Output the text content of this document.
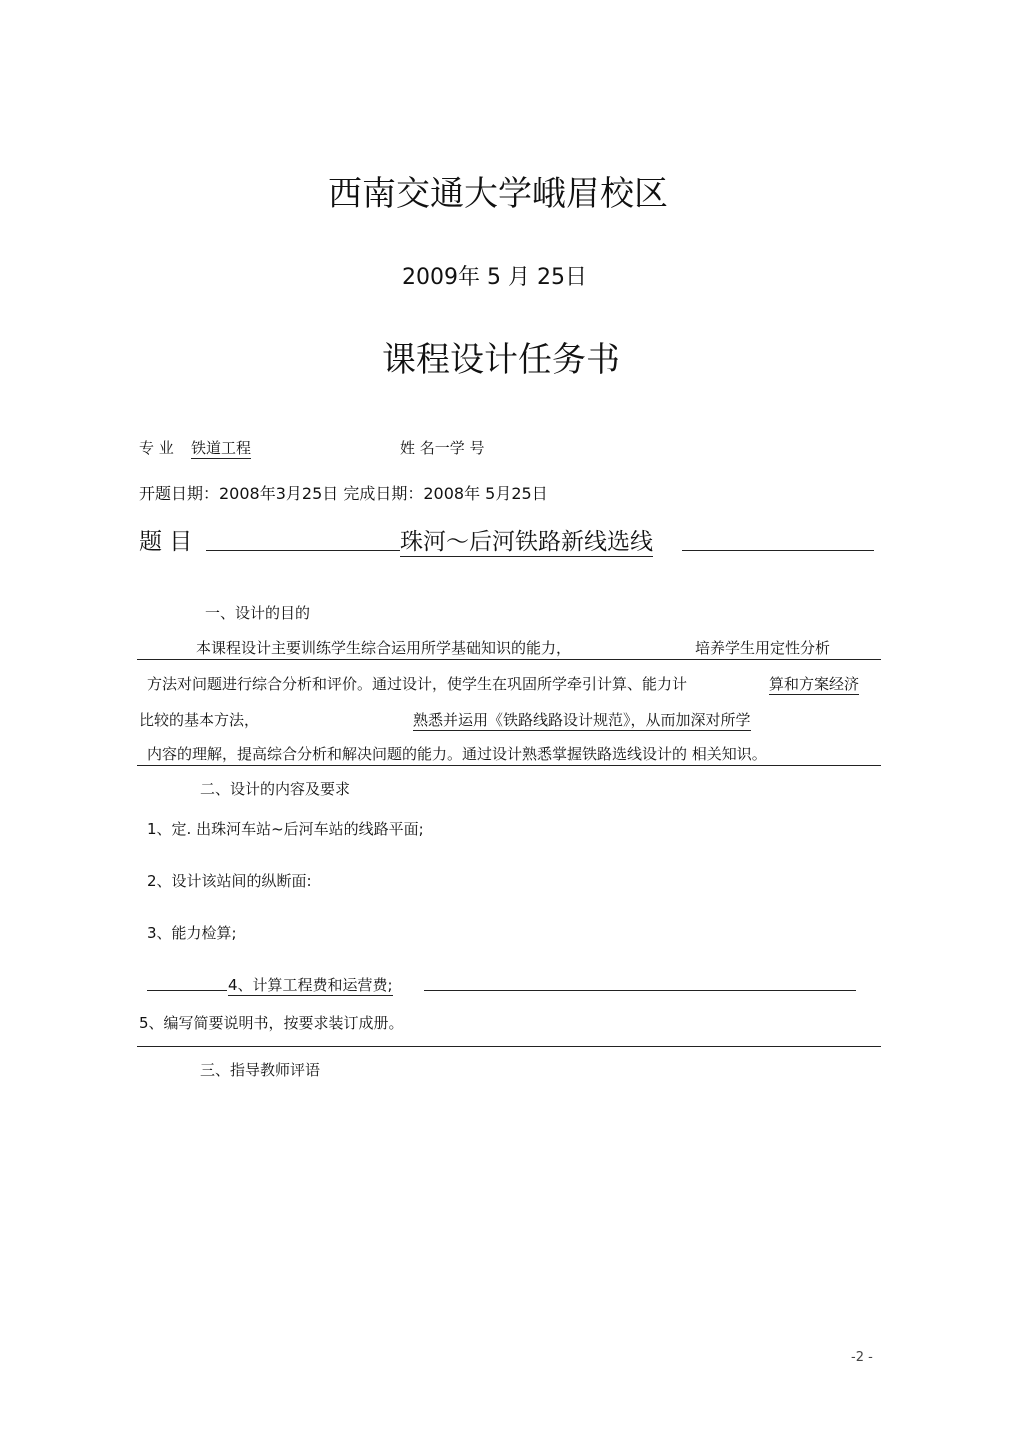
西南交通大学峨眉校区
2009年 5 月 25日
课程设计任务书
专 业 铁道工程	姓 名一学 号
开题日期：2008年3月25日 完成日期：2008年 5月25日
题 目	珠河～后河铁路新线选线
一、设计的目的
本课程设计主要训练学生综合运用所学基础知识的能力，	培养学生用定性分析
方法对问题进行综合分析和评价。通过设计，使学生在巩固所学牵引计算、能力计	算和方案经济
比较的基本方法，	熟悉并运用《铁路线路设计规范》，从而加深对所学
内容的理解，提高综合分析和解决问题的能力。通过设计熟悉掌握铁路选线设计的 相关知识。
二、设计的内容及要求
1、定. 出珠河车站~后河车站的线路平面;
2、设计该站间的纵断面:
3、能力检算;
4、计算工程费和运营费;
5、编写简要说明书，按要求装订成册。
三、指导教师评语
-2 -
